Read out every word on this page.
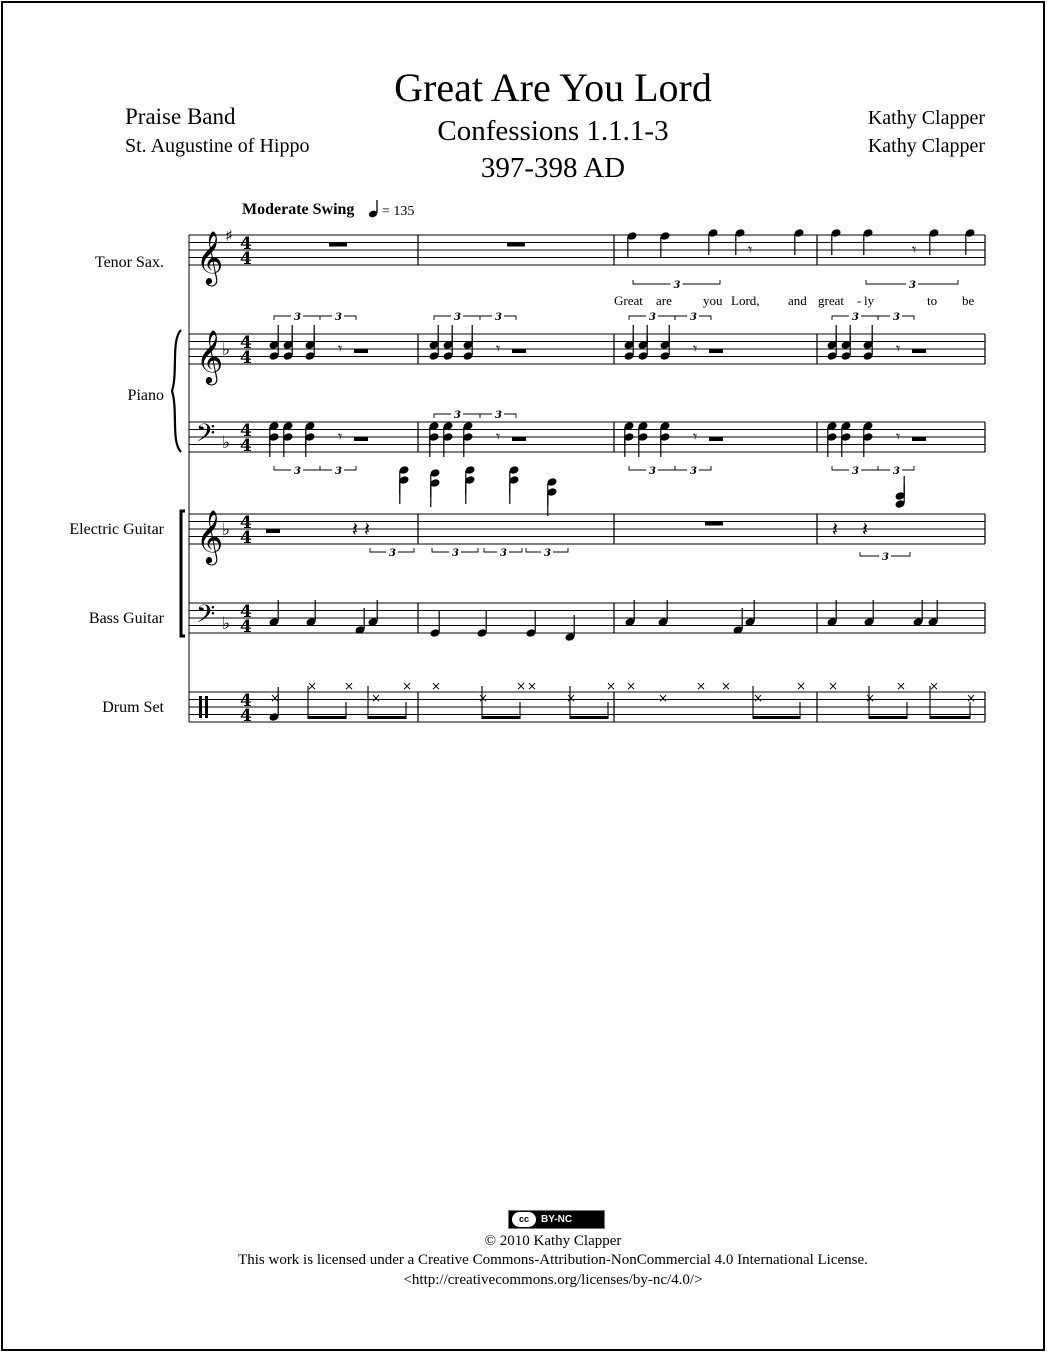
Great Are You Lord
Confessions 1.1.1-3
397-398 AD
Praise Band
St. Augustine of Hippo
Kathy Clapper
Kathy Clapper
Moderate Swing = 135
Tenor Sax.
Piano
Electric Guitar
Bass Guitar
Drum Set
Great are you Lord, and great - ly	to be
𝄞 ♯ 4
4
𝄞
♭ 4
4
𝄢 ♭
4
4
𝄞
♭ 4
4
𝄢 ♭
4
4
4
4
𝄾	𝄾
3	3
𝄾
3	3
𝄾
3	3
𝄾
3	3
𝄾
3	3
𝄾
3	3
𝄾
3	3
𝄾
3	3
𝄾
3	3
𝄽 𝄽	𝄽 𝄽
3	3	3	3	3
×
× ×
×
× ×
×
× ×
×
× ×
×
× ×
×
× ×
×
× ×
×
cc	BY-NC
© 2010 Kathy Clapper
This work is licensed under a Creative Commons-Attribution-NonCommercial 4.0 International License.
<http://creativecommons.org/licenses/by-nc/4.0/>
